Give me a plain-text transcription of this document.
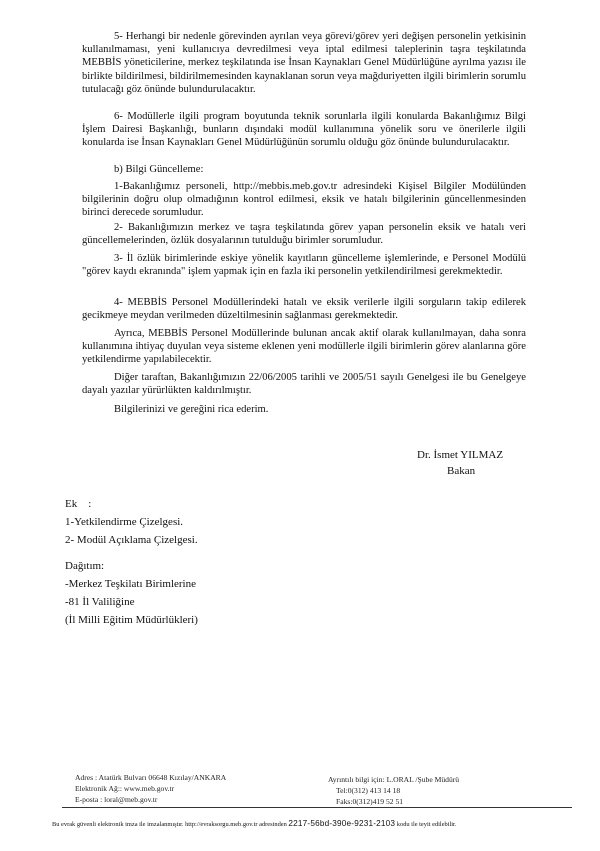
5- Herhangi bir nedenle görevinden ayrılan veya görevi/görev yeri değişen personelin yetkisinin kullanılmaması, yeni kullanıcıya devredilmesi veya iptal edilmesi taleplerinin taşra teşkilatında MEBBİS yöneticilerine, merkez teşkilatında ise İnsan Kaynakları Genel Müdürlüğüne ayrılma yazısı ile birlikte bildirilmesi, bildirilmemesinden kaynaklanan sorun veya mağduriyetten ilgili birimlerin sorumlu tutulacağı göz önünde bulundurulacaktır.

6- Modüllerle ilgili program boyutunda teknik sorunlarla ilgili konularda Bakanlığımız Bilgi İşlem Dairesi Başkanlığı, bunların dışındaki modül kullanımına yönelik soru ve önerilerle ilgili konularda ise İnsan Kaynakları Genel Müdürlüğünün sorumlu olduğu göz önünde bulundurulacaktır.

b) Bilgi Güncelleme:

1-Bakanlığımız personeli, http://mebbis.meb.gov.tr adresindeki Kişisel Bilgiler Modülünden bilgilerinin doğru olup olmadığının kontrol edilmesi, eksik ve hatalı bilgilerinin güncellenmesinden birinci derecede sorumludur.

2- Bakanlığımızın merkez ve taşra teşkilatında görev yapan personelin eksik ve hatalı veri güncellemelerinden, özlük dosyalarının tutulduğu birimler sorumludur.

3- İl özlük birimlerinde eskiye yönelik kayıtların güncelleme işlemlerinde, e Personel Modülü "görev kaydı ekranında" işlem yapmak için en fazla iki personelin yetkilendirilmesi gerekmektedir.

4- MEBBİS Personel Modüllerindeki hatalı ve eksik verilerle ilgili sorguların takip edilerek gecikmeye meydan verilmeden düzeltilmesinin sağlanması gerekmektedir.

Ayrıca, MEBBİS Personel Modüllerinde bulunan ancak aktif olarak kullanılmayan, daha sonra kullanımına ihtiyaç duyulan veya sisteme eklenen yeni modüllerle ilgili birimlerin görev alanlarına göre yetkilendirme yapılabilecektir.

Diğer taraftan, Bakanlığımızın 22/06/2005 tarihli ve 2005/51 sayılı Genelgesi ile bu Genelgeye dayalı yazılar yürürlükten kaldırılmıştır.

Bilgilerinizi ve gereğini rica ederim.

Dr. İsmet YILMAZ
Bakan
Ek    :
1-Yetkilendirme Çizelgesi.
2- Modül Açıklama Çizelgesi.
Dağıtım:
-Merkez Teşkilatı Birimlerine
-81 İl Valiliğine
(İl Milli Eğitim Müdürlükleri)
Adres : Atatürk Bulvarı 06648 Kızılay/ANKARA
Elektronik Ağ:: www.meb.gov.tr
E-posta : loral@meb.gov.tr
Ayrıntılı bilgi için: L.ORAL /Şube Müdürü
Tel:0(312) 413 14 18
Faks:0(312)419 52 51
Bu evrak güvenli elektronik imza ile imzalanmıştır. http://evraksorgu.meb.gov.tr adresinden 2217-56bd-390e-9231-2103 kodu ile teyit edilebilir.
